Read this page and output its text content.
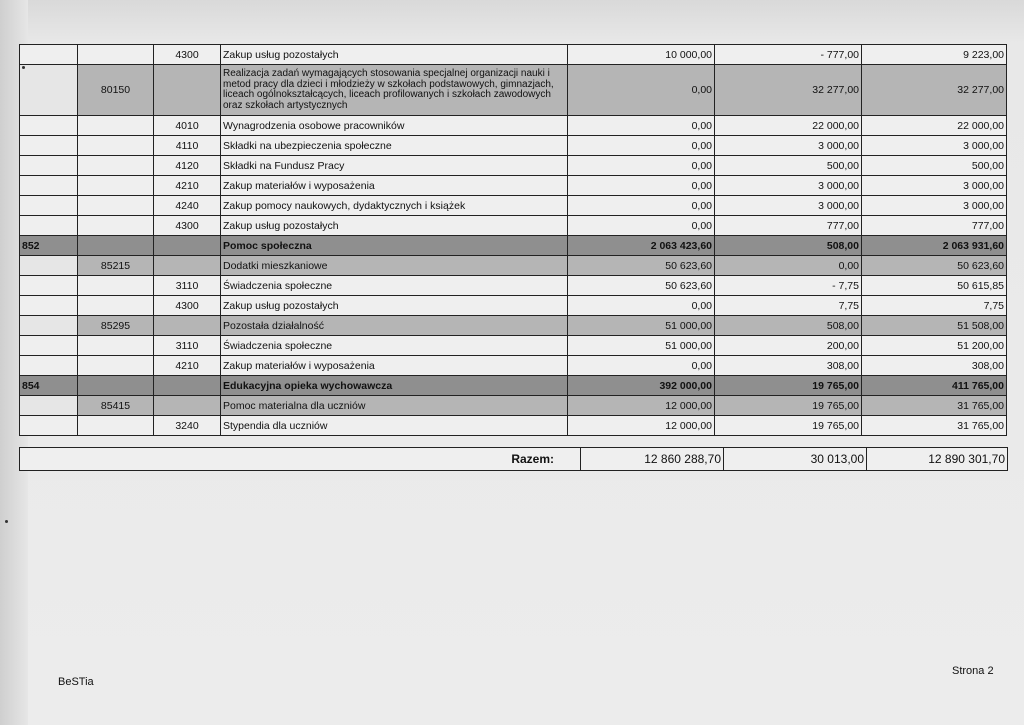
		4300	Zakup usług pozostałych	10 000,00	- 777,00	9 223,00
	80150		Realizacja zadań wymagających stosowania specjalnej organizacji nauki i metod pracy dla dzieci i młodzieży w szkołach podstawowych, gimnazjach, liceach ogólnokształcących, liceach profilowanych i szkołach zawodowych oraz szkołach artystycznych	0,00	32 277,00	32 277,00
		4010	Wynagrodzenia osobowe pracowników	0,00	22 000,00	22 000,00
		4110	Składki na ubezpieczenia społeczne	0,00	3 000,00	3 000,00
		4120	Składki na Fundusz Pracy	0,00	500,00	500,00
		4210	Zakup materiałów i wyposażenia	0,00	3 000,00	3 000,00
		4240	Zakup pomocy naukowych, dydaktycznych i książek	0,00	3 000,00	3 000,00
		4300	Zakup usług pozostałych	0,00	777,00	777,00
852			Pomoc społeczna	2 063 423,60	508,00	2 063 931,60
	85215		Dodatki mieszkaniowe	50 623,60	0,00	50 623,60
		3110	Świadczenia społeczne	50 623,60	- 7,75	50 615,85
		4300	Zakup usług pozostałych	0,00	7,75	7,75
	85295		Pozostała działalność	51 000,00	508,00	51 508,00
		3110	Świadczenia społeczne	51 000,00	200,00	51 200,00
		4210	Zakup materiałów i wyposażenia	0,00	308,00	308,00
854			Edukacyjna opieka wychowawcza	392 000,00	19 765,00	411 765,00
	85415		Pomoc materialna dla uczniów	12 000,00	19 765,00	31 765,00
		3240	Stypendia dla uczniów	12 000,00	19 765,00	31 765,00
Razem:	12 860 288,70	30 013,00	12 890 301,70
BeSTia
Strona 2
